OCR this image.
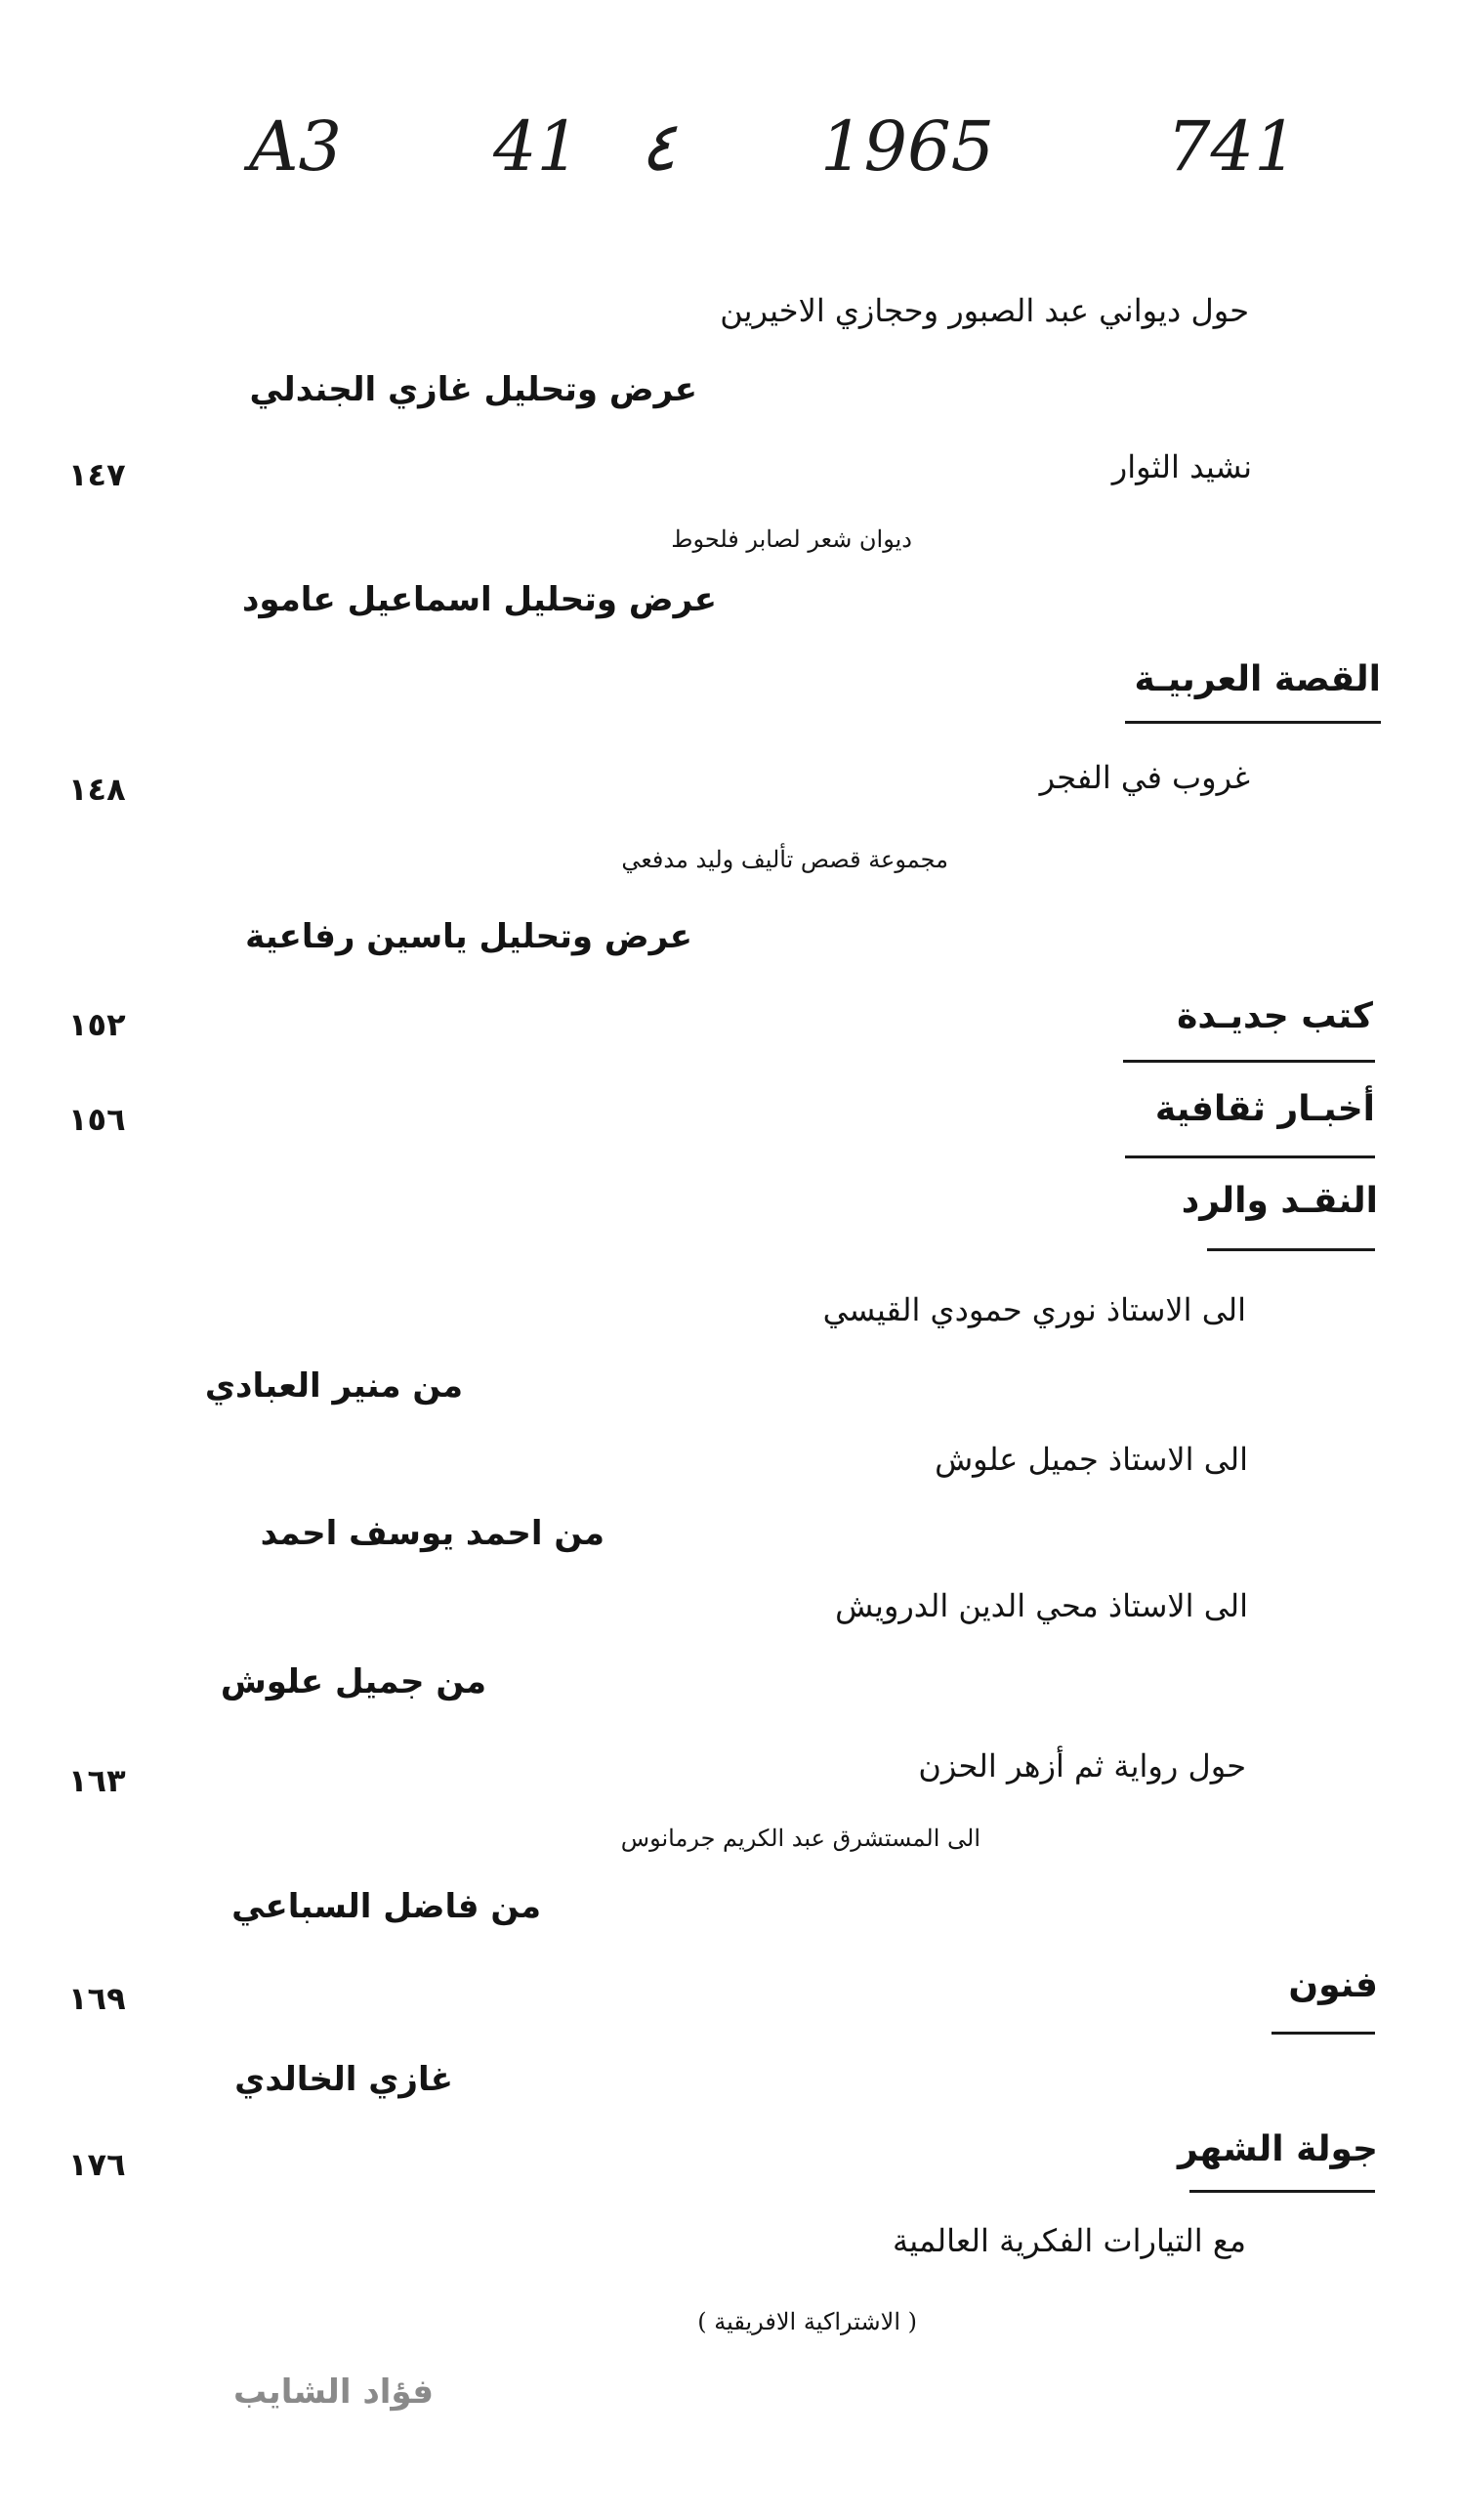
A3 41 ٤ 1965	741
حول ديواني عبد الصبور وحجازي الاخيرين
عرض وتحليل غازي الجندلي
نشيد الثوار
١٤٧
ديوان شعر لصابر فلحوط
عرض وتحليل اسماعيل عامود
القصة العربيـة
غروب في الفجر
١٤٨
مجموعة قصص تأليف وليد مدفعي
عرض وتحليل ياسين رفاعية
كتب جديـدة
١٥٢
أخبـار ثقافية
١٥٦
النقـد والرد
الى الاستاذ نوري حمودي القيسي
من منير العبادي
الى الاستاذ جميل علوش
من احمد يوسف احمد
الى الاستاذ محي الدين الدرويش
من جميل علوش
حول رواية ثم أزهر الحزن
١٦٣
الى المستشرق عبد الكريم جرمانوس
من فاضل السباعي
فنون
١٦٩
غازي الخالدي
جولة الشهر
١٧٦
مع التيارات الفكرية العالمية
( الاشتراكية الافريقية )
فؤاد الشايب
